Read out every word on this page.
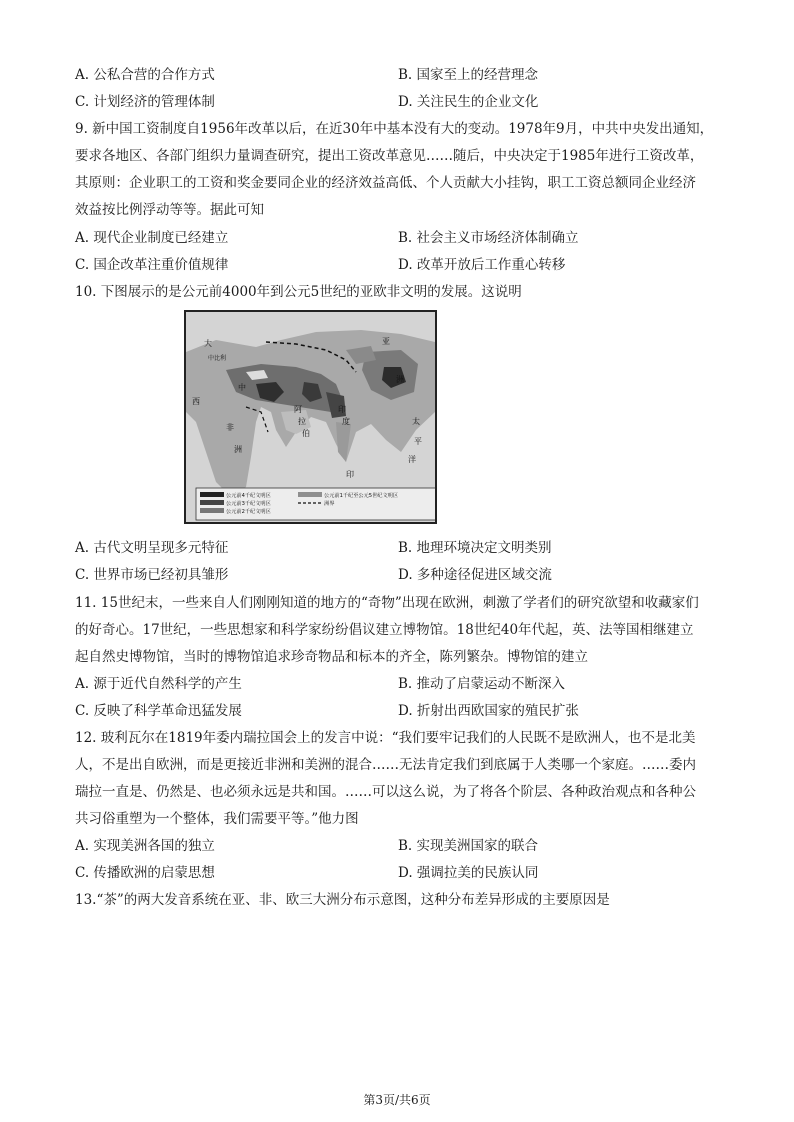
A. 公私合营的合作方式	B. 国家至上的经营理念
C. 计划经济的管理体制	D. 关注民生的企业文化
9. 新中国工资制度自1956年改革以后，在近30年中基本没有大的变动。1978年9月，中共中央发出通知，
要求各地区、各部门组织力量调查研究，提出工资改革意见……随后，中央决定于1985年进行工资改革，
其原则：企业职工的工资和奖金要同企业的经济效益高低、个人贡献大小挂钩，职工工资总额同企业经济
效益按比例浮动等等。据此可知
A. 现代企业制度已经建立	B. 社会主义市场经济体制确立
C. 国企改革注重价值规律	D. 改革开放后工作重心转移
10. 下图展示的是公元前4000年到公元5世纪的亚欧非文明的发展。这说明
大
中比利
中
亚
阿
拉
伯
非
洲
西
印
度
洲
太
平
洋
印
公元前4千纪文明区
公元前3千纪文明区
公元前2千纪文明区
公元前1千纪至公元5世纪文明区
洲界
A. 古代文明呈现多元特征	B. 地理环境决定文明类别
C. 世界市场已经初具雏形	D. 多种途径促进区域交流
11. 15世纪末，一些来自人们刚刚知道的地方的“奇物”出现在欧洲，刺激了学者们的研究欲望和收藏家们
的好奇心。17世纪，一些思想家和科学家纷纷倡议建立博物馆。18世纪40年代起，英、法等国相继建立
起自然史博物馆，当时的博物馆追求珍奇物品和标本的齐全，陈列繁杂。博物馆的建立
A. 源于近代自然科学的产生	B. 推动了启蒙运动不断深入
C. 反映了科学革命迅猛发展	D. 折射出西欧国家的殖民扩张
12. 玻利瓦尔在1819年委内瑞拉国会上的发言中说：“我们要牢记我们的人民既不是欧洲人，也不是北美
人，不是出自欧洲，而是更接近非洲和美洲的混合……无法肯定我们到底属于人类哪一个家庭。……委内
瑞拉一直是、仍然是、也必须永远是共和国。……可以这么说，为了将各个阶层、各种政治观点和各种公
共习俗重塑为一个整体，我们需要平等。”他力图
A. 实现美洲各国的独立	B. 实现美洲国家的联合
C. 传播欧洲的启蒙思想	D. 强调拉美的民族认同
13.“茶”的两大发音系统在亚、非、欧三大洲分布示意图，这种分布差异形成的主要原因是
第3页/共6页
